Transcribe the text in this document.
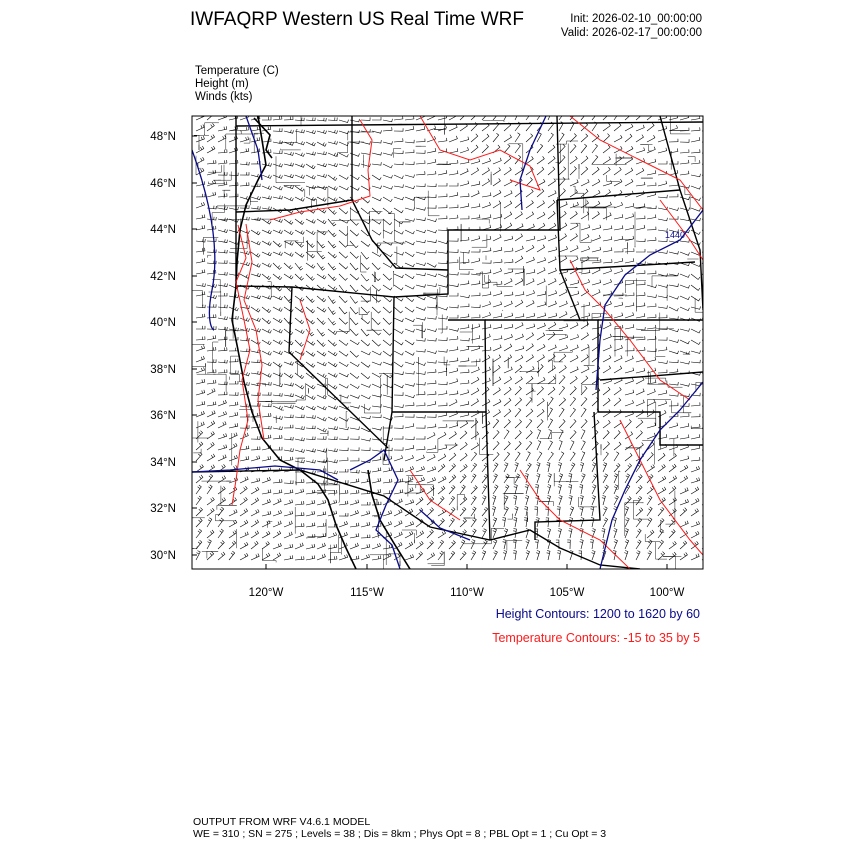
IWFAQRP Western US Real Time WRF	Init: 2026-02-10_00:00:00
Valid: 2026-02-17_00:00:00
Temperature (C)
Height (m)
Winds (kts)
1440
48°N
46°N
44°N
42°N
40°N
38°N
36°N
34°N
32°N
30°N
120°W	115°W	110°W	105°W	100°W
Height Contours: 1200 to 1620 by 60
Temperature Contours: -15 to 35 by 5
OUTPUT FROM WRF V4.6.1 MODEL
WE = 310 ; SN = 275 ; Levels = 38 ; Dis = 8km ; Phys Opt = 8 ; PBL Opt = 1 ; Cu Opt = 3
